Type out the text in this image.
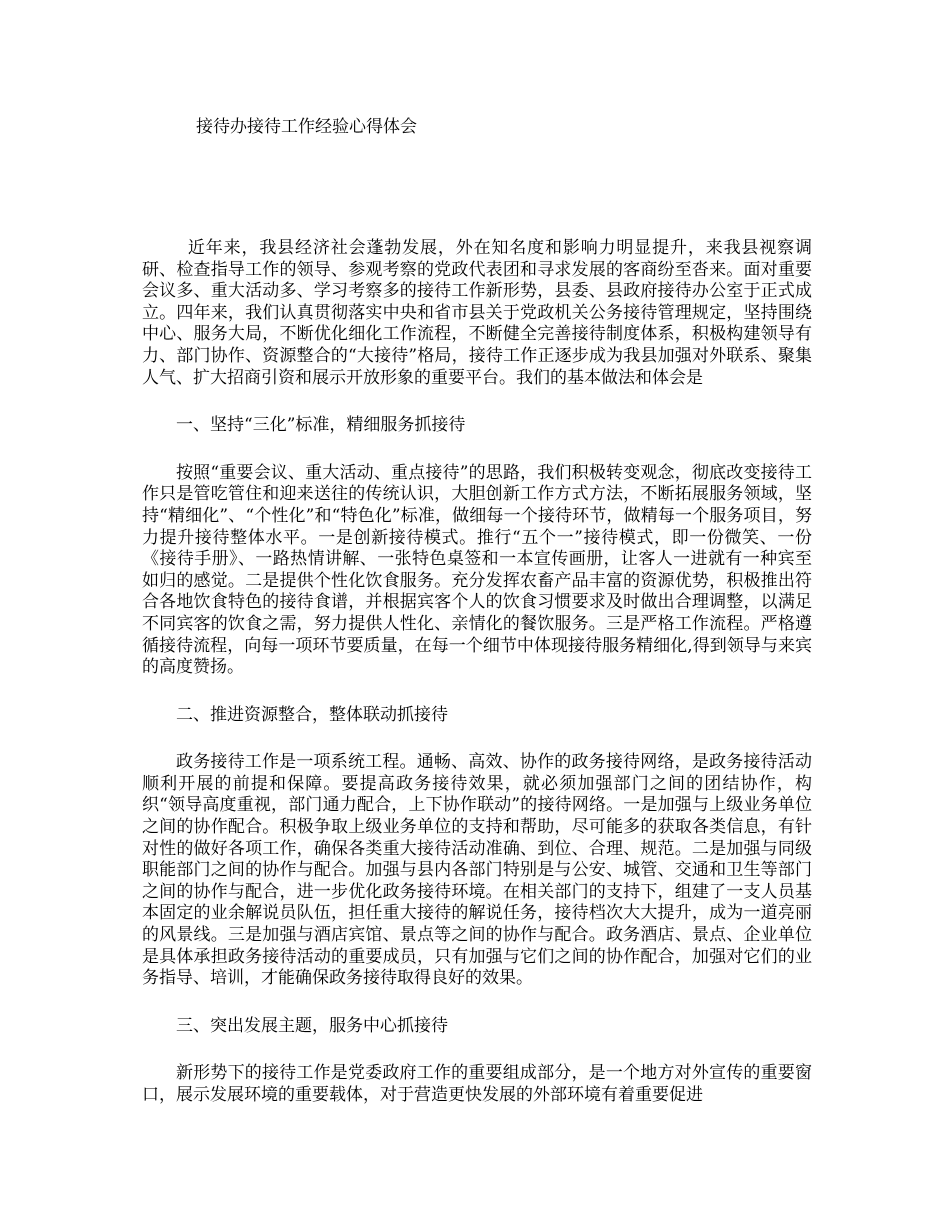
接待办接待工作经验心得体会

近年来，我县经济社会蓬勃发展，外在知名度和影响力明显提升，来我县视察调研、检查指导工作的领导、参观考察的党政代表团和寻求发展的客商纷至沓来。面对重要会议多、重大活动多、学习考察多的接待工作新形势，县委、县政府接待办公室于正式成立。四年来，我们认真贯彻落实中央和省市县关于党政机关公务接待管理规定，坚持围绕中心、服务大局，不断优化细化工作流程，不断健全完善接待制度体系，积极构建领导有力、部门协作、资源整合的“大接待”格局，接待工作正逐步成为我县加强对外联系、聚集人气、扩大招商引资和展示开放形象的重要平台。我们的基本做法和体会是

一、坚持“三化”标准，精细服务抓接待

按照“重要会议、重大活动、重点接待”的思路，我们积极转变观念，彻底改变接待工作只是管吃管住和迎来送往的传统认识，大胆创新工作方式方法，不断拓展服务领域，坚持“精细化”、“个性化”和“特色化”标准，做细每一个接待环节，做精每一个服务项目，努力提升接待整体水平。一是创新接待模式。推行“五个一”接待模式，即一份微笑、一份《接待手册》、一路热情讲解、一张特色桌签和一本宣传画册，让客人一进就有一种宾至如归的感觉。二是提供个性化饮食服务。充分发挥农畜产品丰富的资源优势，积极推出符合各地饮食特色的接待食谱，并根据宾客个人的饮食习惯要求及时做出合理调整，以满足不同宾客的饮食之需，努力提供人性化、亲情化的餐饮服务。三是严格工作流程。严格遵循接待流程，向每一项环节要质量，在每一个细节中体现接待服务精细化,得到领导与来宾的高度赞扬。

二、推进资源整合，整体联动抓接待

政务接待工作是一项系统工程。通畅、高效、协作的政务接待网络，是政务接待活动顺利开展的前提和保障。要提高政务接待效果，就必须加强部门之间的团结协作，构织“领导高度重视，部门通力配合，上下协作联动”的接待网络。一是加强与上级业务单位之间的协作配合。积极争取上级业务单位的支持和帮助，尽可能多的获取各类信息，有针对性的做好各项工作，确保各类重大接待活动准确、到位、合理、规范。二是加强与同级职能部门之间的协作与配合。加强与县内各部门特别是与公安、城管、交通和卫生等部门之间的协作与配合，进一步优化政务接待环境。在相关部门的支持下，组建了一支人员基本固定的业余解说员队伍，担任重大接待的解说任务，接待档次大大提升，成为一道亮丽的风景线。三是加强与酒店宾馆、景点等之间的协作与配合。政务酒店、景点、企业单位是具体承担政务接待活动的重要成员，只有加强与它们之间的协作配合，加强对它们的业务指导、培训，才能确保政务接待取得良好的效果。

三、突出发展主题，服务中心抓接待

新形势下的接待工作是党委政府工作的重要组成部分，是一个地方对外宣传的重要窗口，展示发展环境的重要载体，对于营造更快发展的外部环境有着重要促进
